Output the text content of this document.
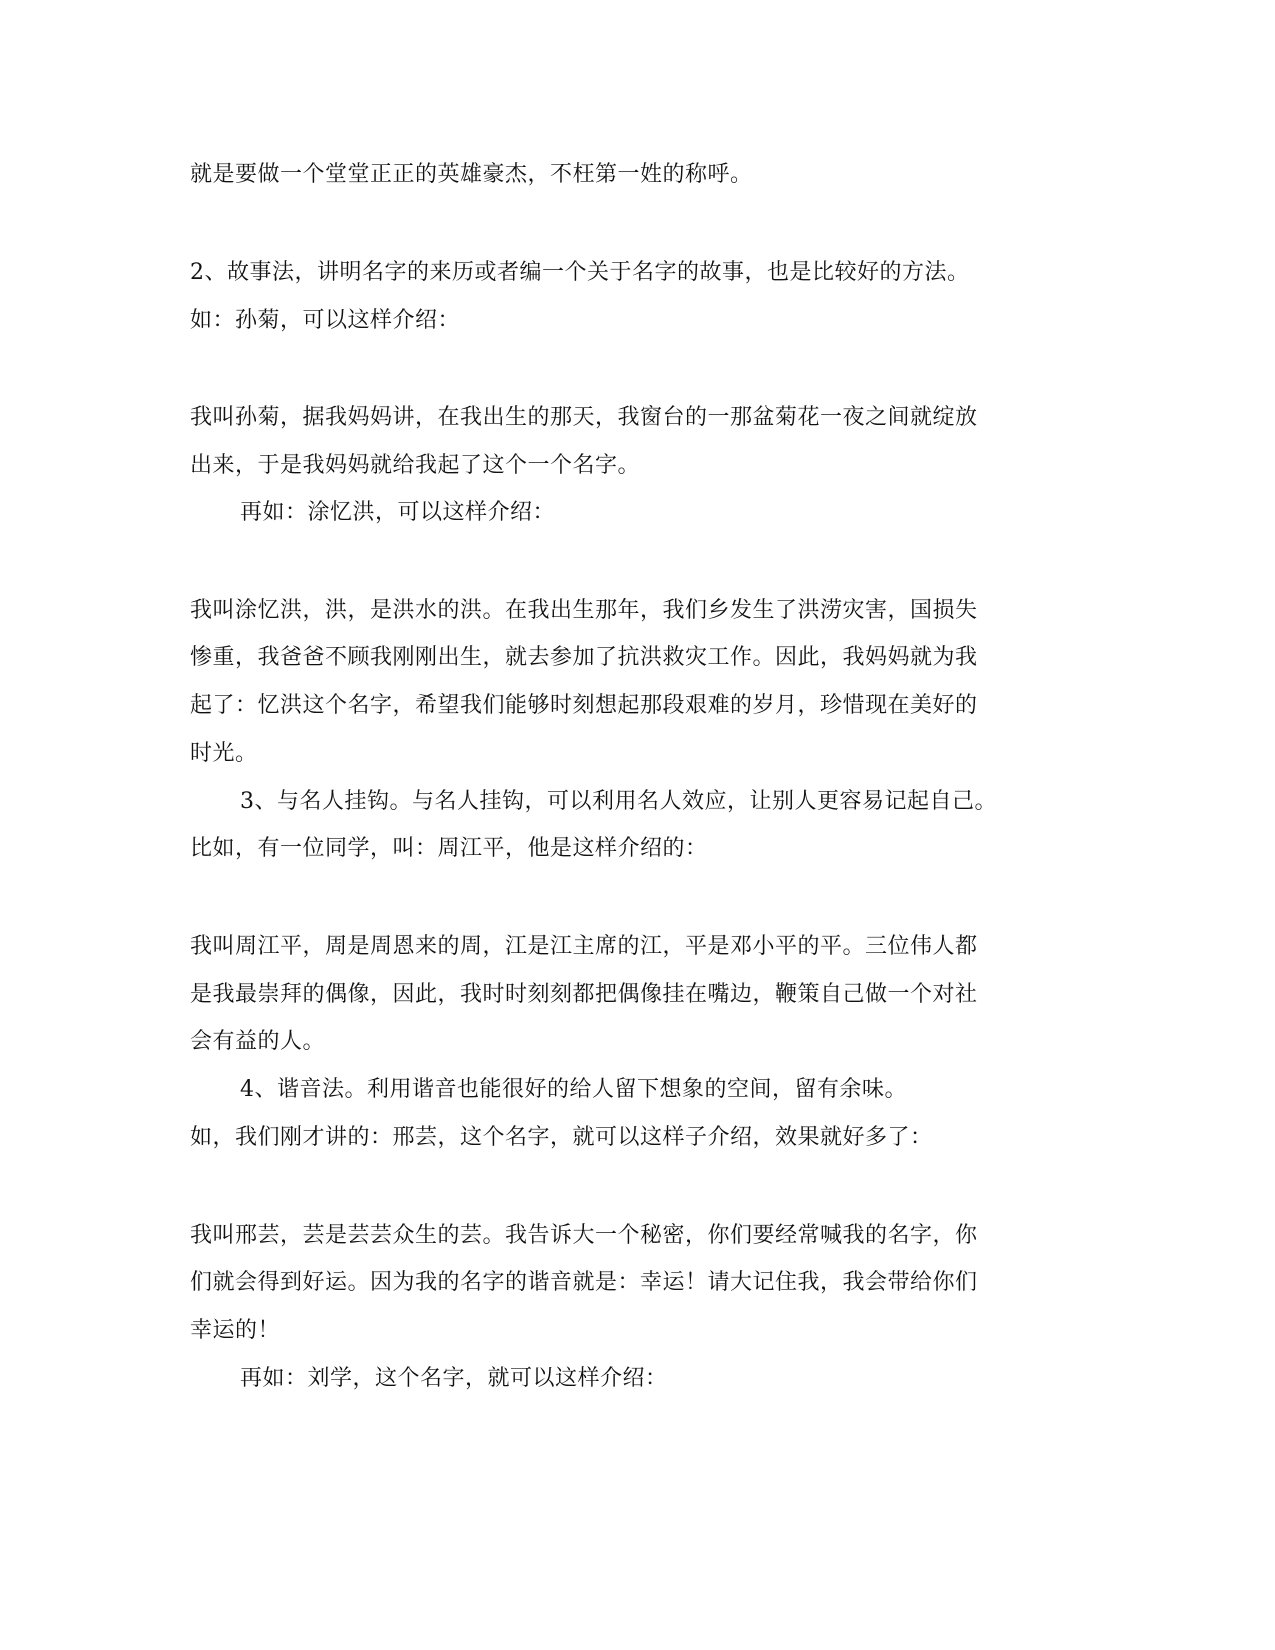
就是要做一个堂堂正正的英雄豪杰，不枉第一姓的称呼。
2、故事法，讲明名字的来历或者编一个关于名字的故事，也是比较好的方法。
如：孙菊，可以这样介绍：
我叫孙菊，据我妈妈讲，在我出生的那天，我窗台的一那盆菊花一夜之间就绽放
出来，于是我妈妈就给我起了这个一个名字。
再如：涂忆洪，可以这样介绍：
我叫涂忆洪，洪，是洪水的洪。在我出生那年，我们乡发生了洪涝灾害，国损失
惨重，我爸爸不顾我刚刚出生，就去参加了抗洪救灾工作。因此，我妈妈就为我
起了：忆洪这个名字，希望我们能够时刻想起那段艰难的岁月，珍惜现在美好的
时光。
3、与名人挂钩。与名人挂钩，可以利用名人效应，让别人更容易记起自己。
比如，有一位同学，叫：周江平，他是这样介绍的：
我叫周江平，周是周恩来的周，江是江主席的江，平是邓小平的平。三位伟人都
是我最崇拜的偶像，因此，我时时刻刻都把偶像挂在嘴边，鞭策自己做一个对社
会有益的人。
4、谐音法。利用谐音也能很好的给人留下想象的空间，留有余味。
如，我们刚才讲的：邢芸，这个名字，就可以这样子介绍，效果就好多了：
我叫邢芸，芸是芸芸众生的芸。我告诉大一个秘密，你们要经常喊我的名字，你
们就会得到好运。因为我的名字的谐音就是：幸运！请大记住我，我会带给你们
幸运的！
再如：刘学，这个名字，就可以这样介绍：
